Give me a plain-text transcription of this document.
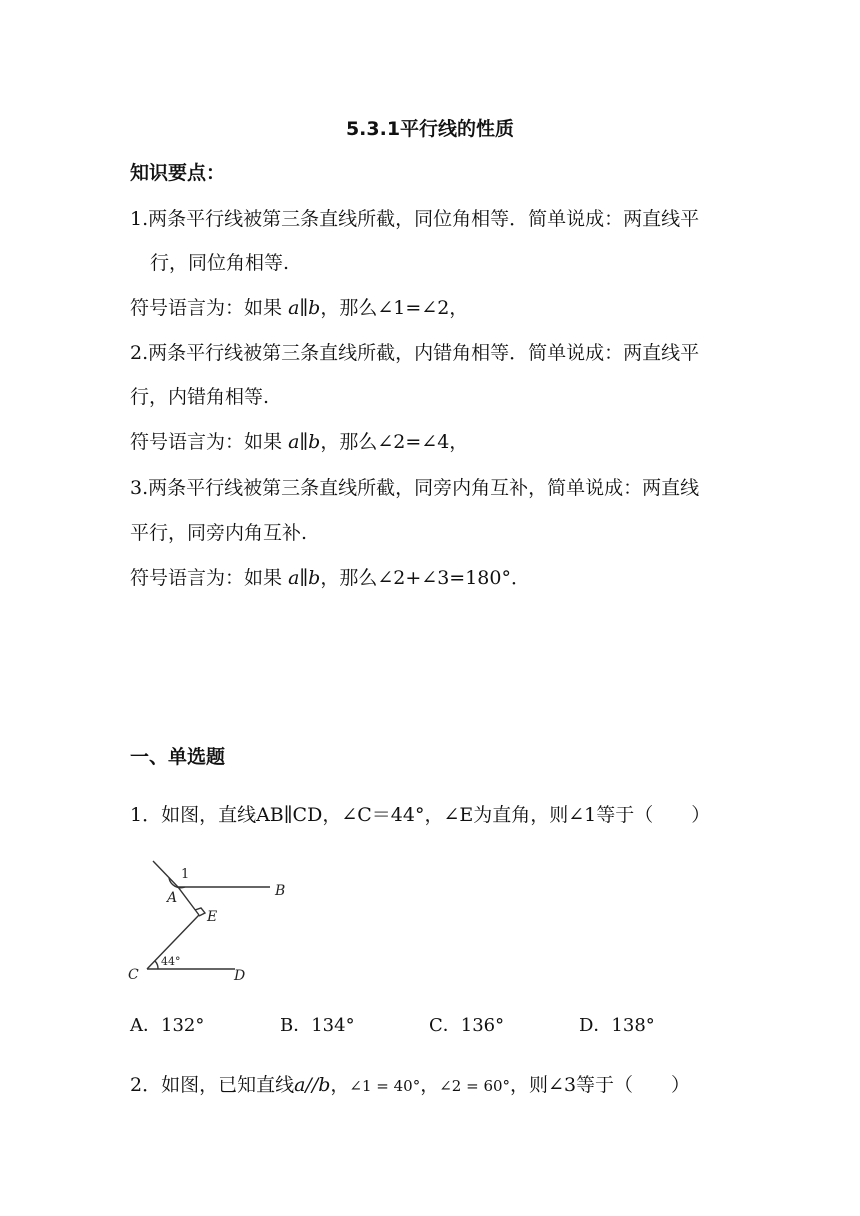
5.3.1平行线的性质
知识要点：
1.两条平行线被第三条直线所截，同位角相等．简单说成：两直线平
行，同位角相等.
符号语言为：如果 a∥b，那么∠1=∠2，
2.两条平行线被第三条直线所截，内错角相等．简单说成：两直线平
行，内错角相等.
符号语言为：如果 a∥b，那么∠2=∠4，
3.两条平行线被第三条直线所截，同旁内角互补，简单说成：两直线
平行，同旁内角互补.
符号语言为：如果 a∥b，那么∠2+∠3=180°．
一、单选题
1．如图，直线AB∥CD，∠C＝44°，∠E为直角，则∠1等于（　　）
1
A	B
E
C	D
44°
A．132°	B．134°	C．136°	D．138°
2．如图，已知直线a//b，∠1 = 40°，∠2 = 60°，则∠3等于（　　）
